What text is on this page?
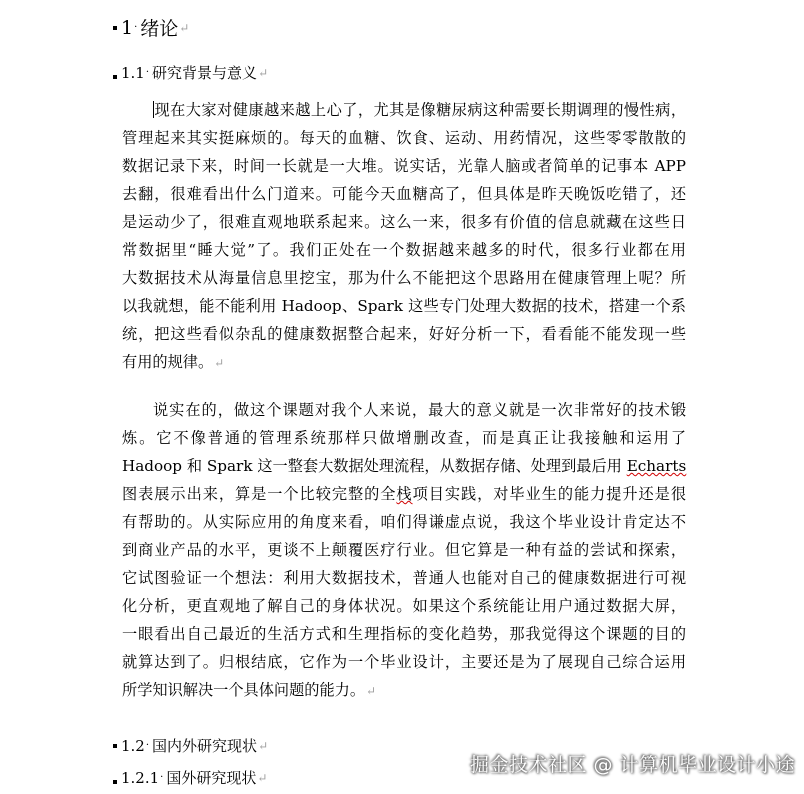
1 · 绪论 ↵
1.1 · 研究背景与意义 ↵
现在大家对健康越来越上心了，尤其是像糖尿病这种需要长期调理的慢性病，
管理起来其实挺麻烦的。每天的血糖、饮食、运动、用药情况，这些零零散散的
数据记录下来，时间一长就是一大堆。说实话，光靠人脑或者简单的记事本 APP
去翻，很难看出什么门道来。可能今天血糖高了，但具体是昨天晚饭吃错了，还
是运动少了，很难直观地联系起来。这么一来，很多有价值的信息就藏在这些日
常数据里“睡大觉”了。我们正处在一个数据越来越多的时代，很多行业都在用
大数据技术从海量信息里挖宝，那为什么不能把这个思路用在健康管理上呢？所
以我就想，能不能利用 Hadoop、Spark 这些专门处理大数据的技术，搭建一个系
统，把这些看似杂乱的健康数据整合起来，好好分析一下，看看能不能发现一些
有用的规律。↵
说实在的，做这个课题对我个人来说，最大的意义就是一次非常好的技术锻
炼。它不像普通的管理系统那样只做增删改查，而是真正让我接触和运用了
Hadoop 和 Spark 这一整套大数据处理流程，从数据存储、处理到最后用 Echarts
图表展示出来，算是一个比较完整的全栈项目实践，对毕业生的能力提升还是很
有帮助的。从实际应用的角度来看，咱们得谦虚点说，我这个毕业设计肯定达不
到商业产品的水平，更谈不上颠覆医疗行业。但它算是一种有益的尝试和探索，
它试图验证一个想法：利用大数据技术，普通人也能对自己的健康数据进行可视
化分析，更直观地了解自己的身体状况。如果这个系统能让用户通过数据大屏，
一眼看出自己最近的生活方式和生理指标的变化趋势，那我觉得这个课题的目的
就算达到了。归根结底，它作为一个毕业设计，主要还是为了展现自己综合运用
所学知识解决一个具体问题的能力。↵
1.2 · 国内外研究现状 ↵
1.2.1 · 国外研究现状 ↵
掘金技术社区 @ 计算机毕业设计小途
